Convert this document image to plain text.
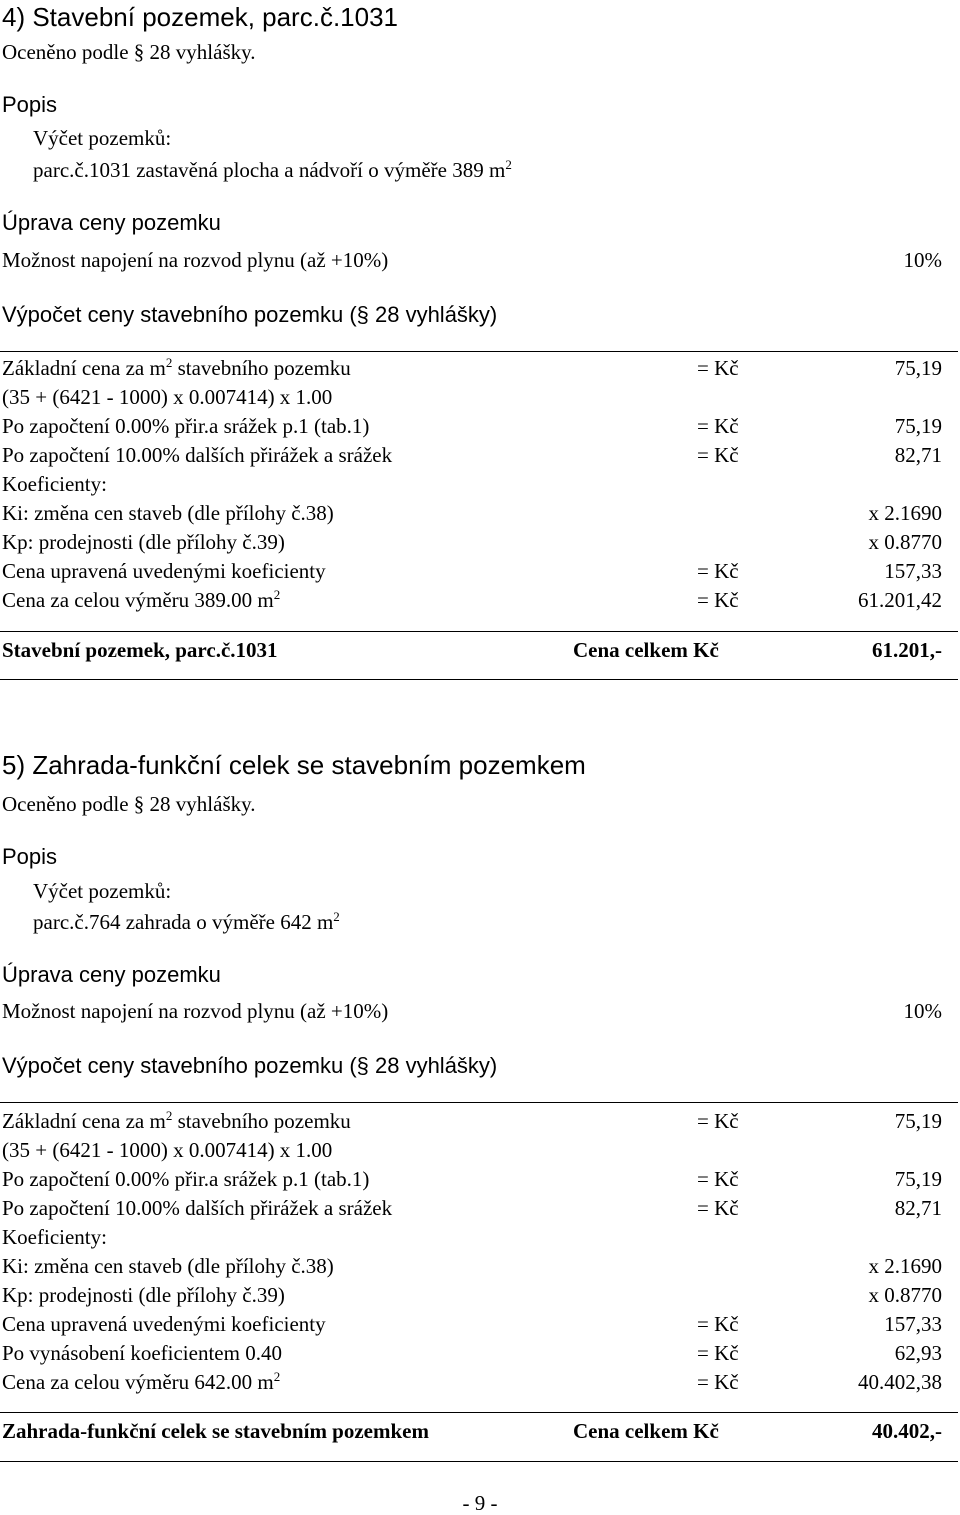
4) Stavební pozemek, parc.č.1031
Oceněno podle § 28 vyhlášky.
Popis
Výčet pozemků:
parc.č.1031 zastavěná plocha a nádvoří o výměře 389 $m^2$
Úprava ceny pozemku
Možnost napojení na rozvod plynu (až +10%)	10%
Výpočet ceny stavebního pozemku (§ 28 vyhlášky)
Základní cena za $m^2$ stavebního pozemku	= Kč	75,19
(35 + (6421 - 1000) x 0.007414) x 1.00
Po započtení 0.00% přir.a srážek p.1 (tab.1)	= Kč	75,19
Po započtení 10.00% dalších přirážek a srážek	= Kč	82,71
Koeficienty:
Ki: změna cen staveb (dle přílohy č.38)	x 2.1690
Kp: prodejnosti (dle přílohy č.39)	x 0.8770
Cena upravená uvedenými koeficienty	= Kč	157,33
Cena za celou výměru 389.00 $m^2$	= Kč	61.201,42
Stavební pozemek, parc.č.1031	Cena celkem Kč	61.201,-
5) Zahrada-funkční celek se stavebním pozemkem
Oceněno podle § 28 vyhlášky.
Popis
Výčet pozemků:
parc.č.764 zahrada o výměře 642 $m^2$
Úprava ceny pozemku
Možnost napojení na rozvod plynu (až +10%)	10%
Výpočet ceny stavebního pozemku (§ 28 vyhlášky)
Základní cena za $m^2$ stavebního pozemku	= Kč	75,19
(35 + (6421 - 1000) x 0.007414) x 1.00
Po započtení 0.00% přir.a srážek p.1 (tab.1)	= Kč	75,19
Po započtení 10.00% dalších přirážek a srážek	= Kč	82,71
Koeficienty:
Ki: změna cen staveb (dle přílohy č.38)	x 2.1690
Kp: prodejnosti (dle přílohy č.39)	x 0.8770
Cena upravená uvedenými koeficienty	= Kč	157,33
Po vynásobení koeficientem 0.40	= Kč	62,93
Cena za celou výměru 642.00 $m^2$	= Kč	40.402,38
Zahrada-funkční celek se stavebním pozemkem	Cena celkem Kč	40.402,-
- 9 -
